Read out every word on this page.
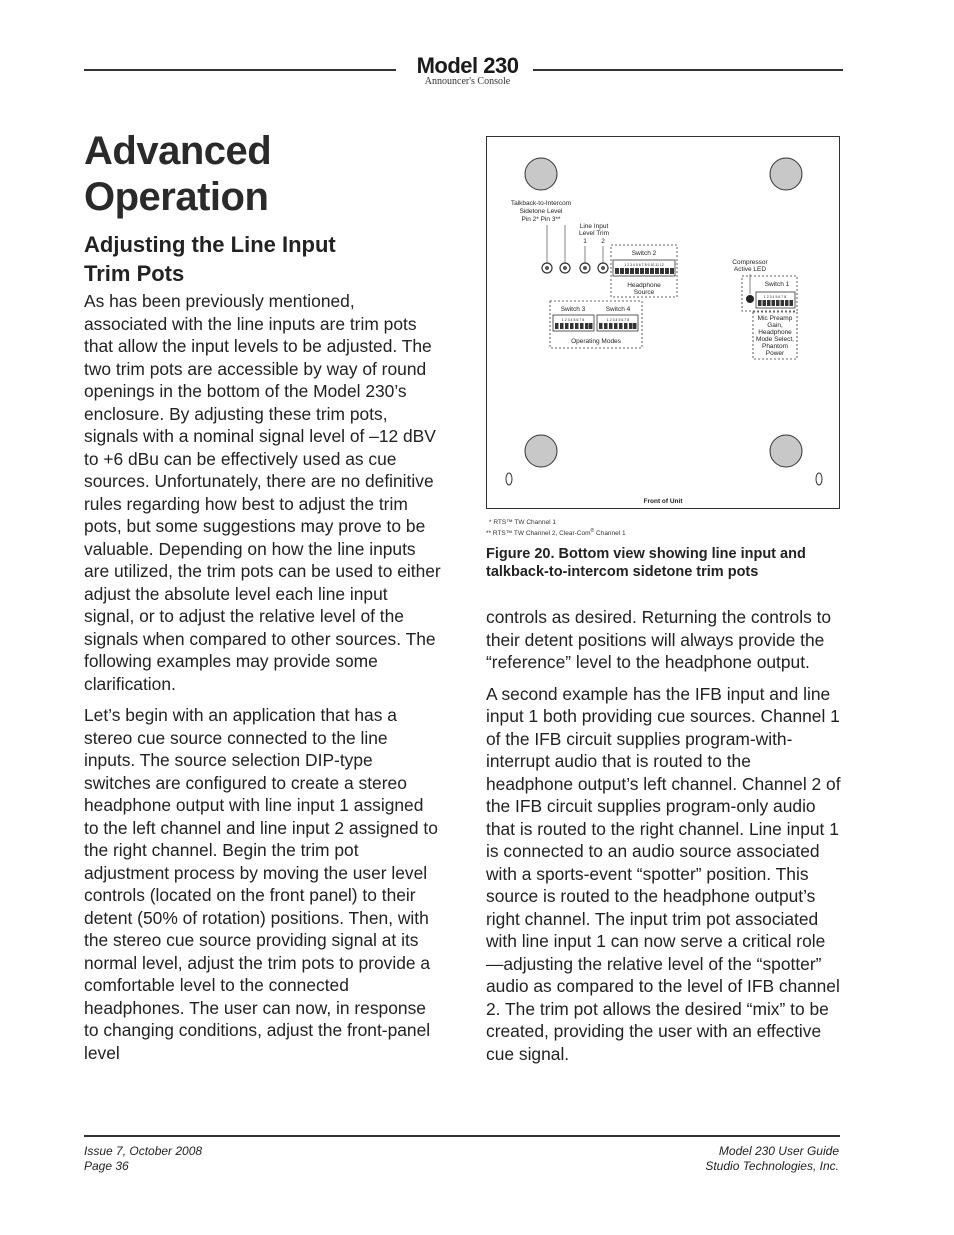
Model 230
Announcer's Console
Advanced
Operation
Adjusting the Line Input
Trim Pots

As has been previously mentioned, associated with the line inputs are trim pots that allow the input levels to be adjusted. The two trim pots are accessible by way of round openings in the bottom of the Model 230’s enclosure. By adjusting these trim pots, signals with a nominal signal level of –12 dBV to +6 dBu can be effectively used as cue sources. Unfortunately, there are no definitive rules regarding how best to adjust the trim pots, but some suggestions may prove to be valuable. Depending on how the line inputs are utilized, the trim pots can be used to either adjust the absolute level each line input signal, or to adjust the relative level of the signals when compared to other sources. The following examples may provide some clarification.

Let’s begin with an application that has a stereo cue source connected to the line inputs. The source selection DIP-type switches are configured to create a stereo headphone output with line input 1 assigned to the left channel and line input 2 assigned to the right channel. Begin the trim pot adjustment process by moving the user level controls (located on the front panel) to their detent (50% of rotation) positions. Then, with the stereo cue source providing signal at its normal level, adjust the trim pots to provide a comfortable level to the connected headphones. The user can now, in response to changing conditions, adjust the front-panel level

Talkback-to-Intercom
Sidetone Level
Pin 2* Pin 3**
Line Input
Level Trim
1 2
Switch 2
1 2 3 4 5 6 7 8 9 10 11 12
Headphone
Source
Switch 3	Switch 4
1 2 3 4 5 6 7 8	1 2 3 4 5 6 7 8
Operating Modes
Compressor
Active LED
Switch 1
1 2 3 4 5 6 7 8
Mic Preamp
Gain,
Headphone
Mode Select,
Phantom
Power
Front of Unit
* RTS™ TW Channel 1
** RTS™ TW Channel 2, Clear-Com® Channel 1
Figure 20. Bottom view showing line input and
talkback-to-intercom sidetone trim pots

controls as desired. Returning the controls to their detent positions will always provide the “reference” level to the headphone output.

A second example has the IFB input and line input 1 both providing cue sources. Channel 1 of the IFB circuit supplies program-with-interrupt audio that is routed to the headphone output’s left channel. Channel 2 of the IFB circuit supplies program-only audio that is routed to the right channel. Line input 1 is connected to an audio source associated with a sports-event “spotter” position. This source is routed to the headphone output’s right channel. The input trim pot associated with line input 1 can now serve a critical role—adjusting the relative level of the “spotter” audio as compared to the level of IFB channel 2. The trim pot allows the desired “mix” to be created, providing the user with an effective cue signal.

Issue 7, October 2008
Page 36
Model 230 User Guide
Studio Technologies, Inc.
